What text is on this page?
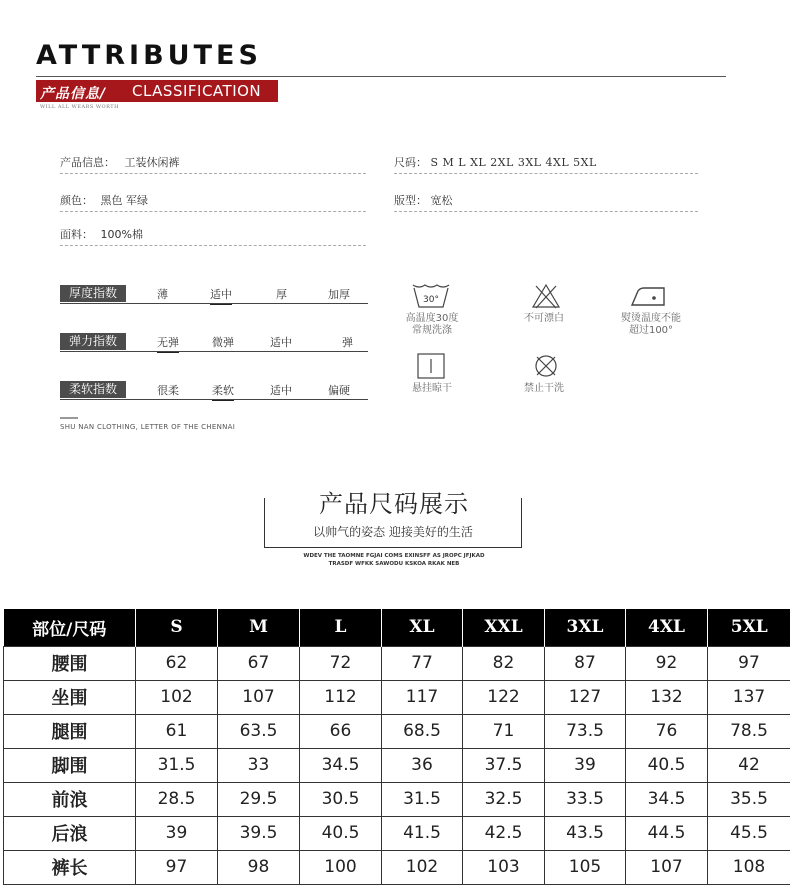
ATTRIBUTES
产品信息/ CLASSIFICATION
WILL ALL WEARS WORTH
产品信息： 工装休闲裤	尺码： S M L XL 2XL 3XL 4XL 5XL
颜色： 黑色 军绿	版型： 宽松
面料： 100%棉
厚度指数	薄	适中	厚	加厚
弹力指数	无弹	微弹	适中	弹
柔软指数	很柔	柔软	适中	偏硬
30°
高温度30度
常规洗涤
不可漂白	熨烫温度不能
超过100°
悬挂晾干	禁止干洗
SHU NAN CLOTHING, LETTER OF THE CHENNAI
产品尺码展示
以帅气的姿态 迎接美好的生活
WDEV THE TAOMNE FGJAI COMS EXINSFF AS JROPC JFJKAD
TRASDF WFKK SAWODU KSKOA RKAK NEB
部位/尺码	S	M	L	XL	XXL	3XL	4XL	5XL
腰围	62	67	72	77	82	87	92	97
坐围	102	107	112	117	122	127	132	137
腿围	61	63.5	66	68.5	71	73.5	76	78.5
脚围	31.5	33	34.5	36	37.5	39	40.5	42
前浪	28.5	29.5	30.5	31.5	32.5	33.5	34.5	35.5
后浪	39	39.5	40.5	41.5	42.5	43.5	44.5	45.5
裤长	97	98	100	102	103	105	107	108
